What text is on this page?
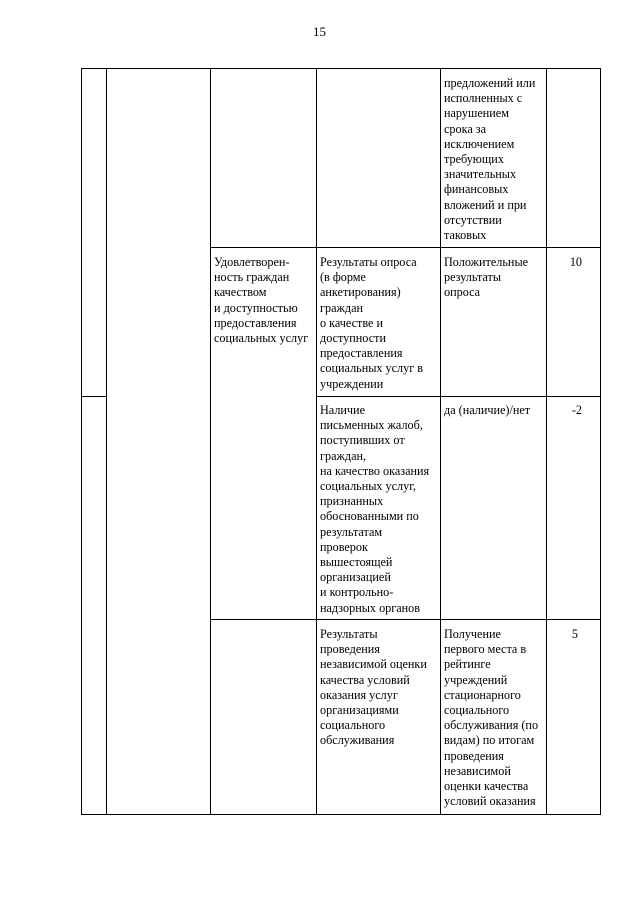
15
предложений или
исполненных с
нарушением
срока за
исключением
требующих
значительных
финансовых
вложений и при
отсутствии
таковых
Удовлетворен-
ность граждан
качеством
и доступностью
предоставления
социальных услуг
Результаты опроса
(в форме
анкетирования)
граждан
о качестве и
доступности
предоставления
социальных услуг в
учреждении
Положительные
результаты
опроса
10
Наличие
письменных жалоб,
поступивших от
граждан,
на качество оказания
социальных услуг,
признанных
обоснованными по
результатам
проверок
вышестоящей
организацией
и контрольно-
надзорных органов
да (наличие)/нет	-2
Результаты
проведения
независимой оценки
качества условий
оказания услуг
организациями
социального
обслуживания
Получение
первого места в
рейтинге
учреждений
стационарного
социального
обслуживания (по
видам) по итогам
проведения
независимой
оценки качества
условий оказания
5
